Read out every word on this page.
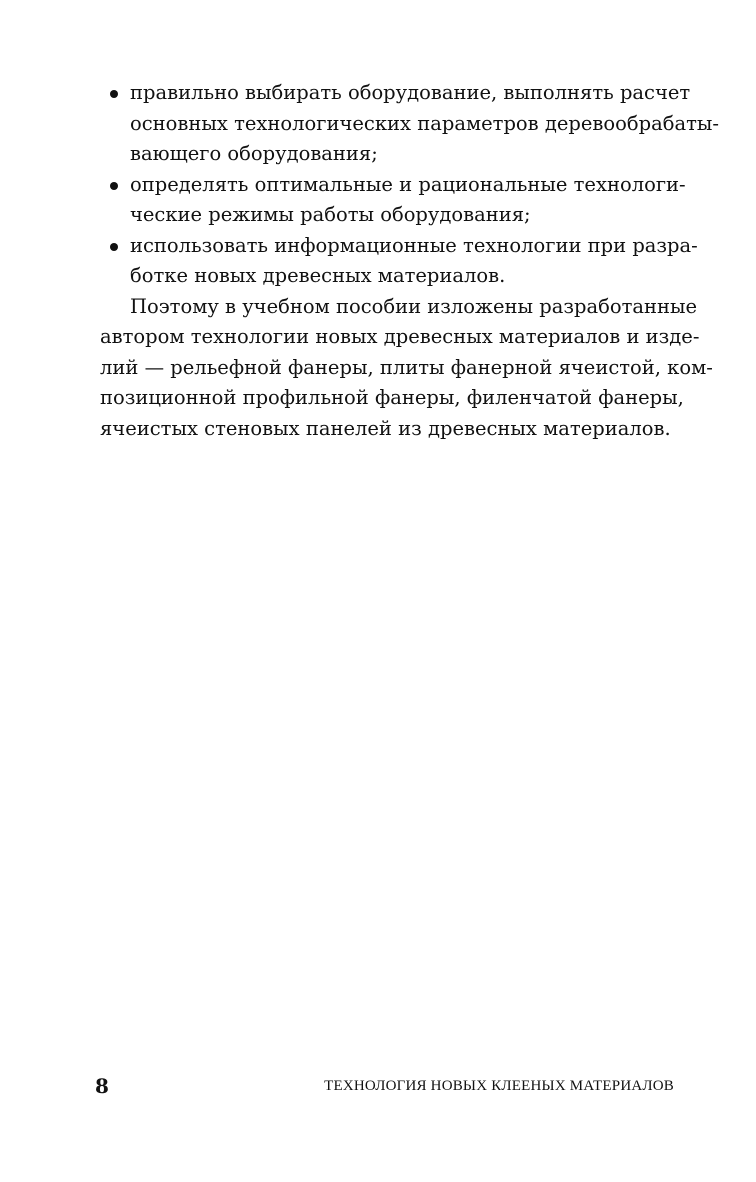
правильно выбирать оборудование, выполнять расчет
основных технологических параметров деревообрабаты-
вающего оборудования;
определять оптимальные и рациональные технологи-
ческие режимы работы оборудования;
использовать информационные технологии при разра-
ботке новых древесных материалов.

Поэтому в учебном пособии изложены разработанные
автором технологии новых древесных материалов и изде-
лий — рельефной фанеры, плиты фанерной ячеистой, ком-
позиционной профильной фанеры, филенчатой фанеры,
ячеистых стеновых панелей из древесных материалов.

8	ТЕХНОЛОГИЯ НОВЫХ КЛЕЕНЫХ МАТЕРИАЛОВ
